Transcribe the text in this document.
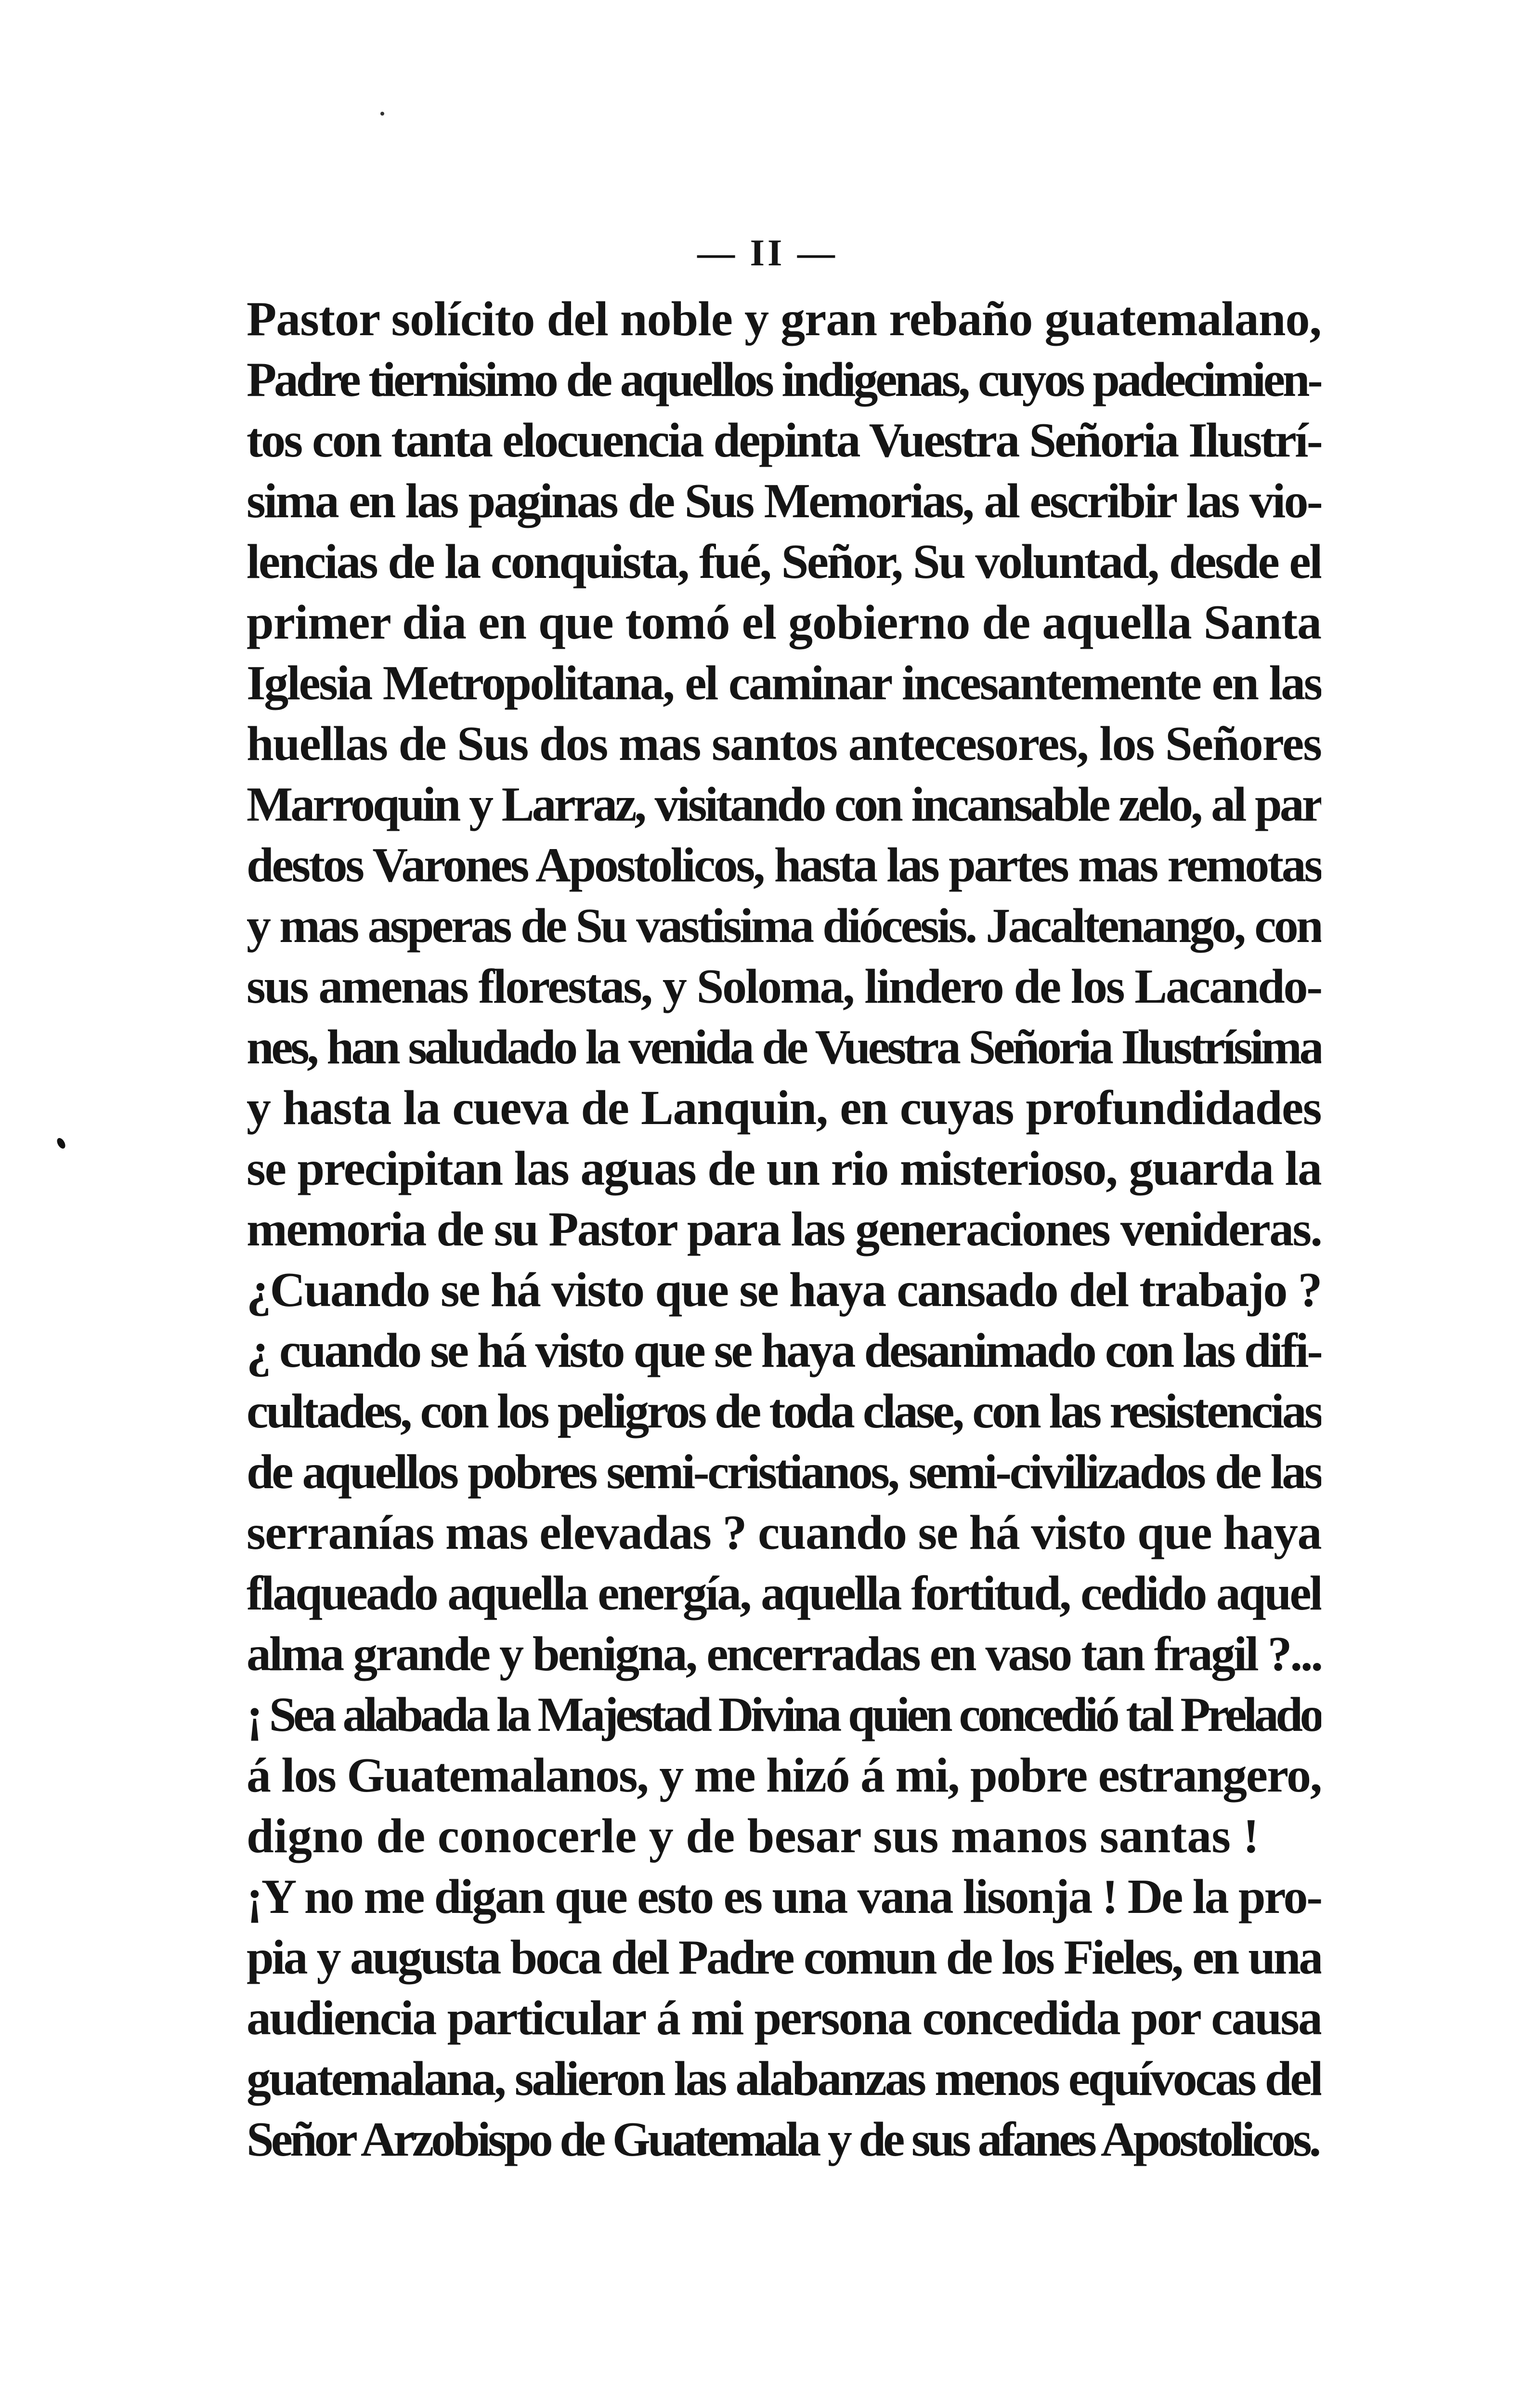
— II —
Pastor solícito del noble y gran rebaño guatemalano,
Padre tiernisimo de aquellos indigenas, cuyos padecimien-
tos con tanta elocuencia depinta Vuestra Señoria Ilustrí-
sima en las paginas de Sus Memorias, al escribir las vio-
lencias de la conquista, fué, Señor, Su voluntad, desde el
primer dia en que tomó el gobierno de aquella Santa
Iglesia Metropolitana, el caminar incesantemente en las
huellas de Sus dos mas santos antecesores, los Señores
Marroquin y Larraz, visitando con incansable zelo, al par
destos Varones Apostolicos, hasta las partes mas remotas
y mas asperas de Su vastisima diócesis. Jacaltenango, con
sus amenas florestas, y Soloma, lindero de los Lacando-
nes, han saludado la venida de Vuestra Señoria Ilustrísima
y hasta la cueva de Lanquin, en cuyas profundidades
se precipitan las aguas de un rio misterioso, guarda la
memoria de su Pastor para las generaciones venideras.
¿Cuando se há visto que se haya cansado del trabajo ?
¿ cuando se há visto que se haya desanimado con las difi-
cultades, con los peligros de toda clase, con las resistencias
de aquellos pobres semi-cristianos, semi-civilizados de las
serranías mas elevadas ? cuando se há visto que haya
flaqueado aquella energía, aquella fortitud, cedido aquel
alma grande y benigna, encerradas en vaso tan fragil ?...
¡ Sea alabada la Majestad Divina quien concedió tal Prelado
á los Guatemalanos, y me hizó á mi, pobre estrangero,
digno de conocerle y de besar sus manos santas !
¡Y no me digan que esto es una vana lisonja ! De la pro-
pia y augusta boca del Padre comun de los Fieles, en una
audiencia particular á mi persona concedida por causa
guatemalana, salieron las alabanzas menos equívocas del
Señor Arzobispo de Guatemala y de sus afanes Apostolicos.
